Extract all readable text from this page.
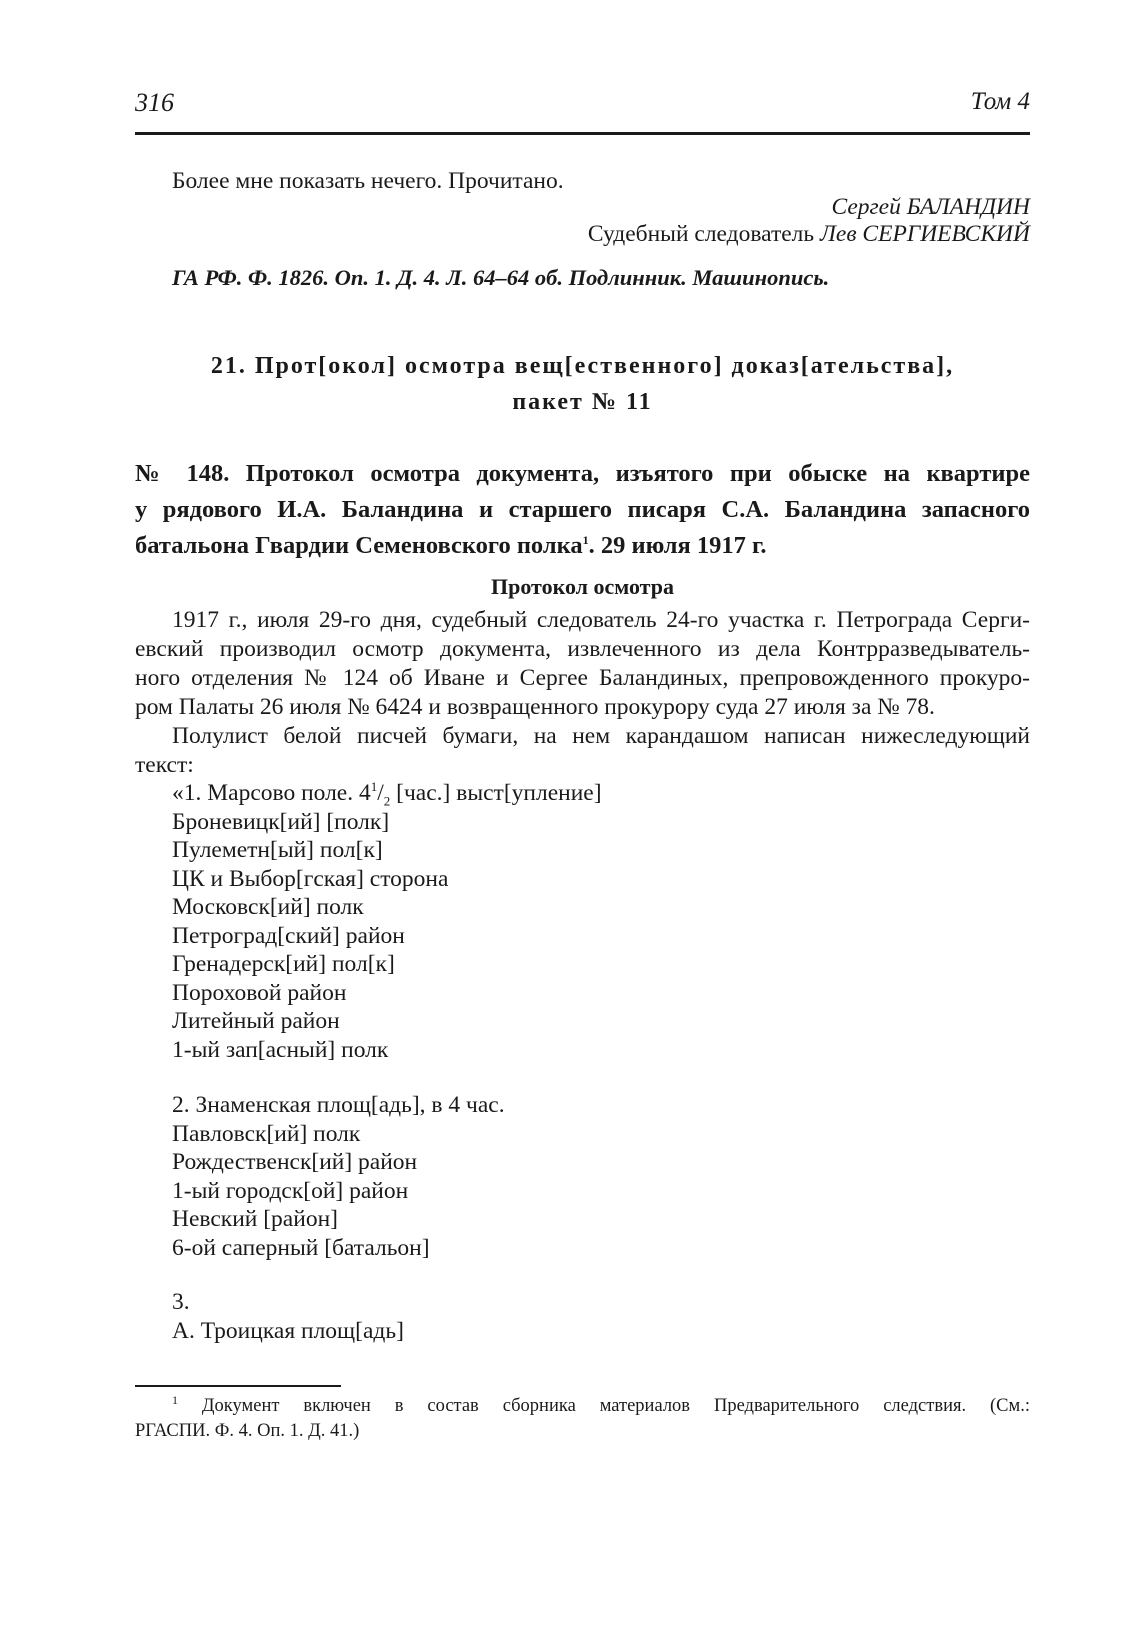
316	Том 4
Более мне показать нечего. Прочитано.
Сергей БАЛАНДИН
Судебный следователь Лев СЕРГИЕВСКИЙ
ГА РФ. Ф. 1826. Оп. 1. Д. 4. Л. 64–64 об. Подлинник. Машинопись.
21. Прот[окол] осмотра вещ[ественного] доказ[ательства],
пакет № 11
№ 148. Протокол осмотра документа, изъятого при обыске на квартире
у рядового И.А. Баландина и старшего писаря С.А. Баландина запасного
батальона Гвардии Семеновского полка$^1$. 29 июля 1917 г.
Протокол осмотра
1917 г., июля 29-го дня, судебный следователь 24-го участка г. Петрограда Серги-
евский производил осмотр документа, извлеченного из дела Контрразведыватель-
ного отделения № 124 об Иване и Сергее Баландиных, препровожденного прокуро-
ром Палаты 26 июля № 6424 и возвращенного прокурору суда 27 июля за № 78.
Полулист белой писчей бумаги, на нем карандашом написан нижеследующий
текст:
«1. Марсово поле. $4^1/_2$ [час.] выст[упление]
Броневицк[ий] [полк]
Пулеметн[ый] пол[к]
ЦК и Выбор[гская] сторона
Московск[ий] полк
Петроград[ский] район
Гренадерск[ий] пол[к]
Пороховой район
Литейный район
1-ый зап[асный] полк
2. Знаменская площ[адь], в 4 час.
Павловск[ий] полк
Рождественск[ий] район
1-ый городск[ой] район
Невский [район]
6-ой саперный [батальон]
3.
А. Троицкая площ[адь]
$^1$ Документ включен в состав сборника материалов Предварительного следствия. (См.:
РГАСПИ. Ф. 4. Оп. 1. Д. 41.)
